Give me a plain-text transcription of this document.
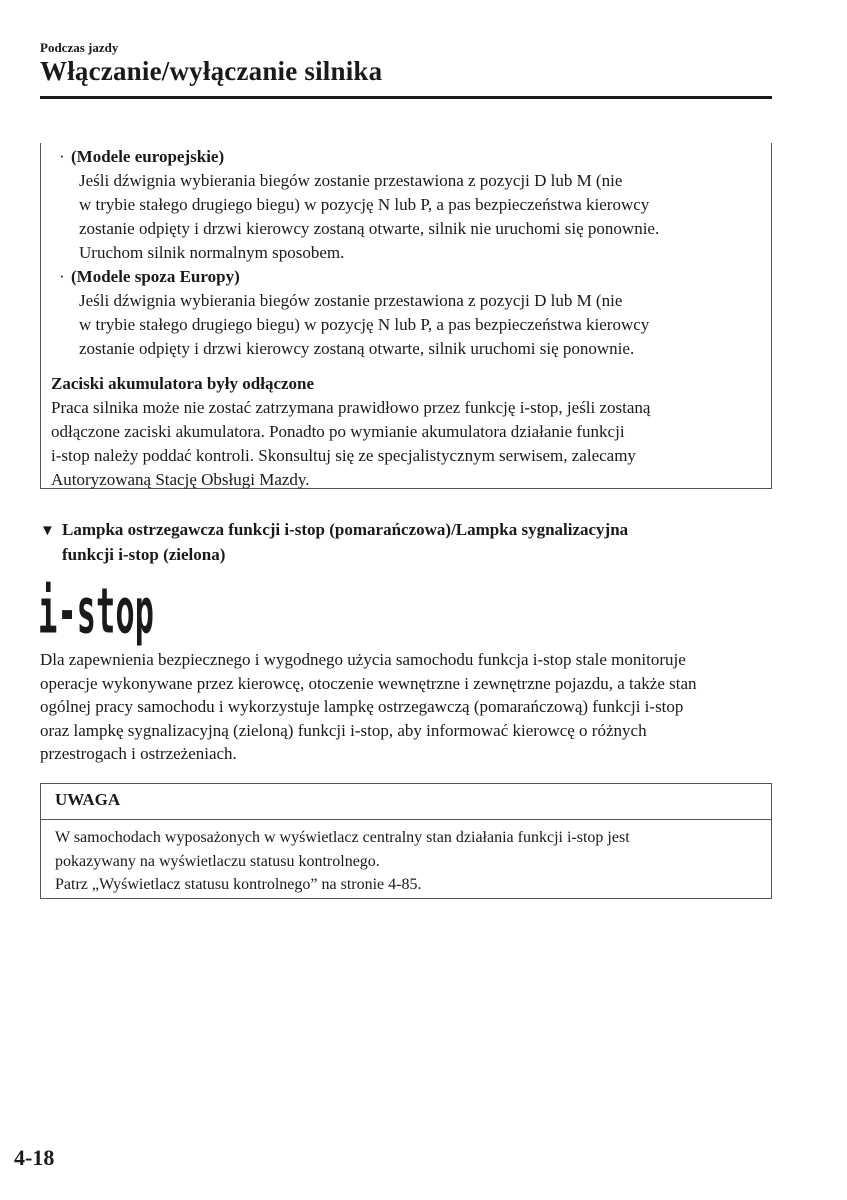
Podczas jazdy
Włączanie/wyłączanie silnika
· (Modele europejskie)
Jeśli dźwignia wybierania biegów zostanie przestawiona z pozycji D lub M (nie
w trybie stałego drugiego biegu) w pozycję N lub P, a pas bezpieczeństwa kierowcy
zostanie odpięty i drzwi kierowcy zostaną otwarte, silnik nie uruchomi się ponownie.
Uruchom silnik normalnym sposobem.
· (Modele spoza Europy)
Jeśli dźwignia wybierania biegów zostanie przestawiona z pozycji D lub M (nie
w trybie stałego drugiego biegu) w pozycję N lub P, a pas bezpieczeństwa kierowcy
zostanie odpięty i drzwi kierowcy zostaną otwarte, silnik uruchomi się ponownie.
Zaciski akumulatora były odłączone
Praca silnika może nie zostać zatrzymana prawidłowo przez funkcję i-stop, jeśli zostaną
odłączone zaciski akumulatora. Ponadto po wymianie akumulatora działanie funkcji
i-stop należy poddać kontroli. Skonsultuj się ze specjalistycznym serwisem, zalecamy
Autoryzowaną Stację Obsługi Mazdy.
▼ Lampka ostrzegawcza funkcji i-stop (pomarańczowa)/Lampka sygnalizacyjna
funkcji i-stop (zielona)
i-stop
Dla zapewnienia bezpiecznego i wygodnego użycia samochodu funkcja i-stop stale monitoruje
operacje wykonywane przez kierowcę, otoczenie wewnętrzne i zewnętrzne pojazdu, a także stan
ogólnej pracy samochodu i wykorzystuje lampkę ostrzegawczą (pomarańczową) funkcji i-stop
oraz lampkę sygnalizacyjną (zieloną) funkcji i-stop, aby informować kierowcę o różnych
przestrogach i ostrzeżeniach.
UWAGA
W samochodach wyposażonych w wyświetlacz centralny stan działania funkcji i-stop jest
pokazywany na wyświetlaczu statusu kontrolnego.
Patrz „Wyświetlacz statusu kontrolnego” na stronie 4-85.
4-18
